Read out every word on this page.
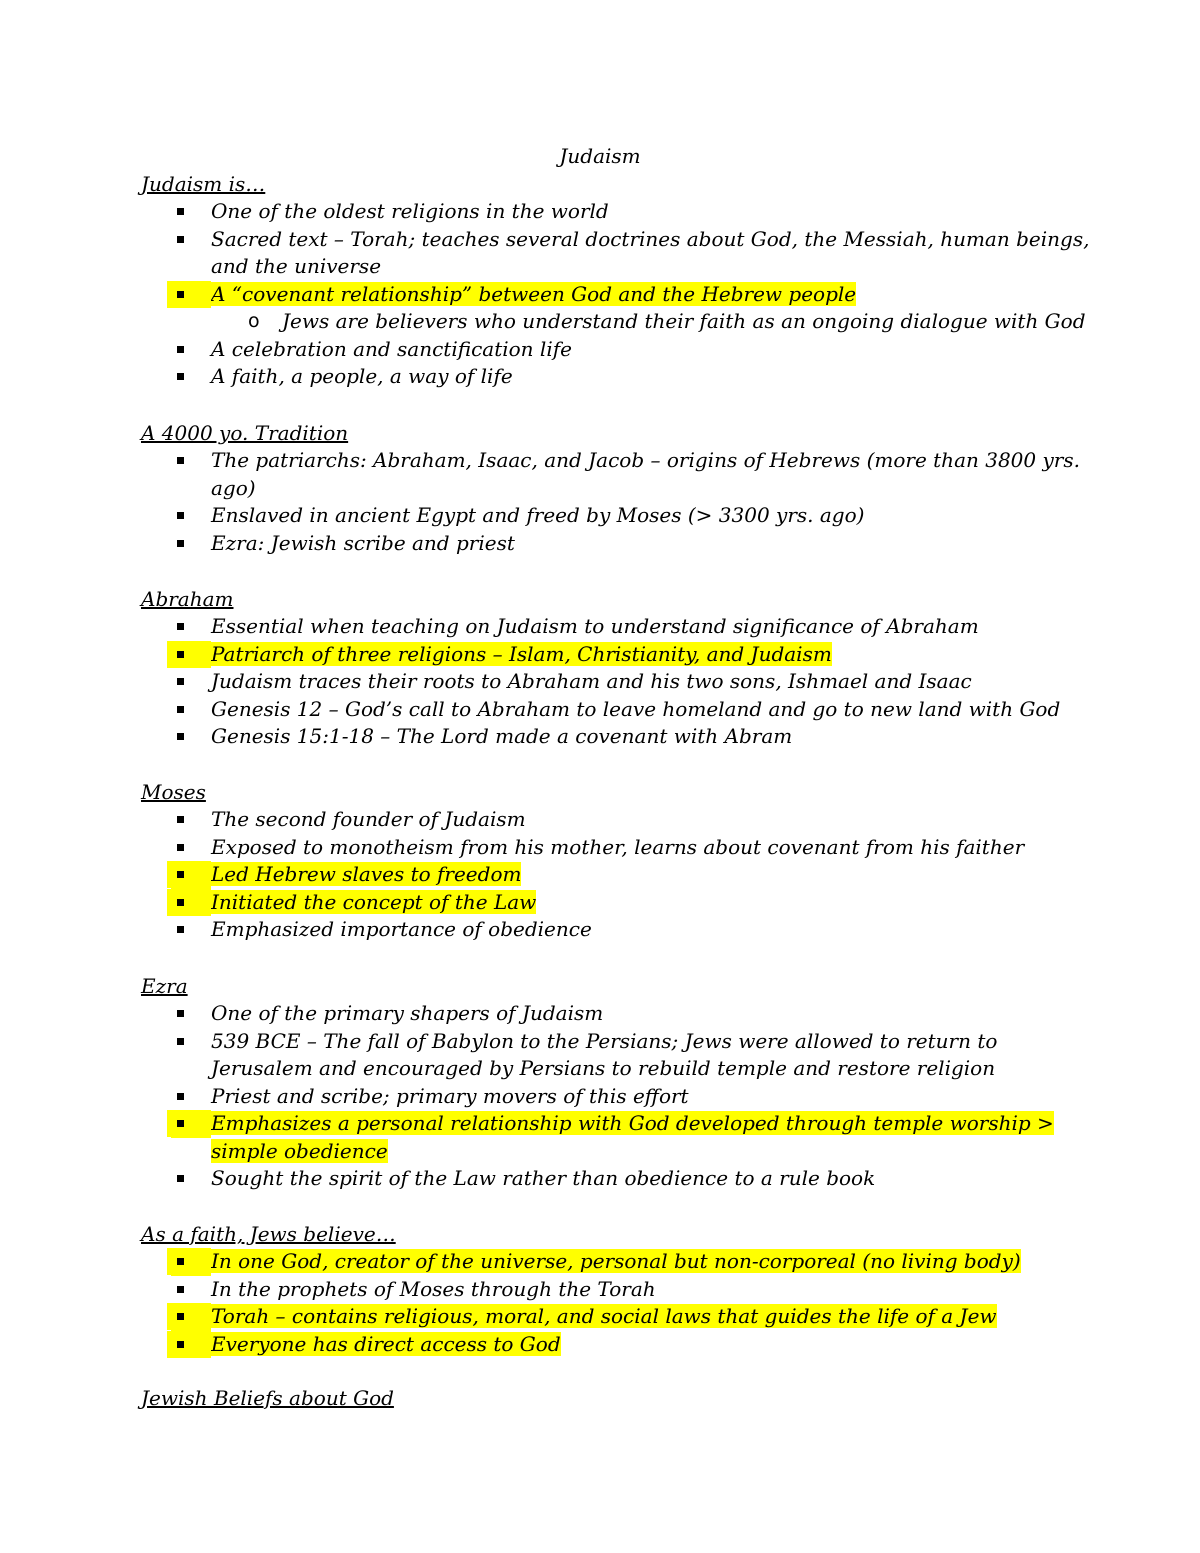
Judaism
Judaism is…
One of the oldest religions in the world
Sacred text – Torah; teaches several doctrines about God, the Messiah, human beings, and the universe
A “covenant relationship” between God and the Hebrew people
o Jews are believers who understand their faith as an ongoing dialogue with God
A celebration and sanctification life
A faith, a people, a way of life
A 4000 yo. Tradition
The patriarchs: Abraham, Isaac, and Jacob – origins of Hebrews (more than 3800 yrs. ago)
Enslaved in ancient Egypt and freed by Moses (> 3300 yrs. ago)
Ezra: Jewish scribe and priest
Abraham
Essential when teaching on Judaism to understand significance of Abraham
Patriarch of three religions – Islam, Christianity, and Judaism
Judaism traces their roots to Abraham and his two sons, Ishmael and Isaac
Genesis 12 – God’s call to Abraham to leave homeland and go to new land with God
Genesis 15:1-18 – The Lord made a covenant with Abram
Moses
The second founder of Judaism
Exposed to monotheism from his mother, learns about covenant from his faither
Led Hebrew slaves to freedom
Initiated the concept of the Law
Emphasized importance of obedience
Ezra
One of the primary shapers of Judaism
539 BCE – The fall of Babylon to the Persians; Jews were allowed to return to Jerusalem and encouraged by Persians to rebuild temple and restore religion
Priest and scribe; primary movers of this effort
Emphasizes a personal relationship with God developed through temple worship > simple obedience
Sought the spirit of the Law rather than obedience to a rule book
As a faith, Jews believe…
In one God, creator of the universe, personal but non-corporeal (no living body)
In the prophets of Moses through the Torah
Torah – contains religious, moral, and social laws that guides the life of a Jew
Everyone has direct access to God
Jewish Beliefs about God
